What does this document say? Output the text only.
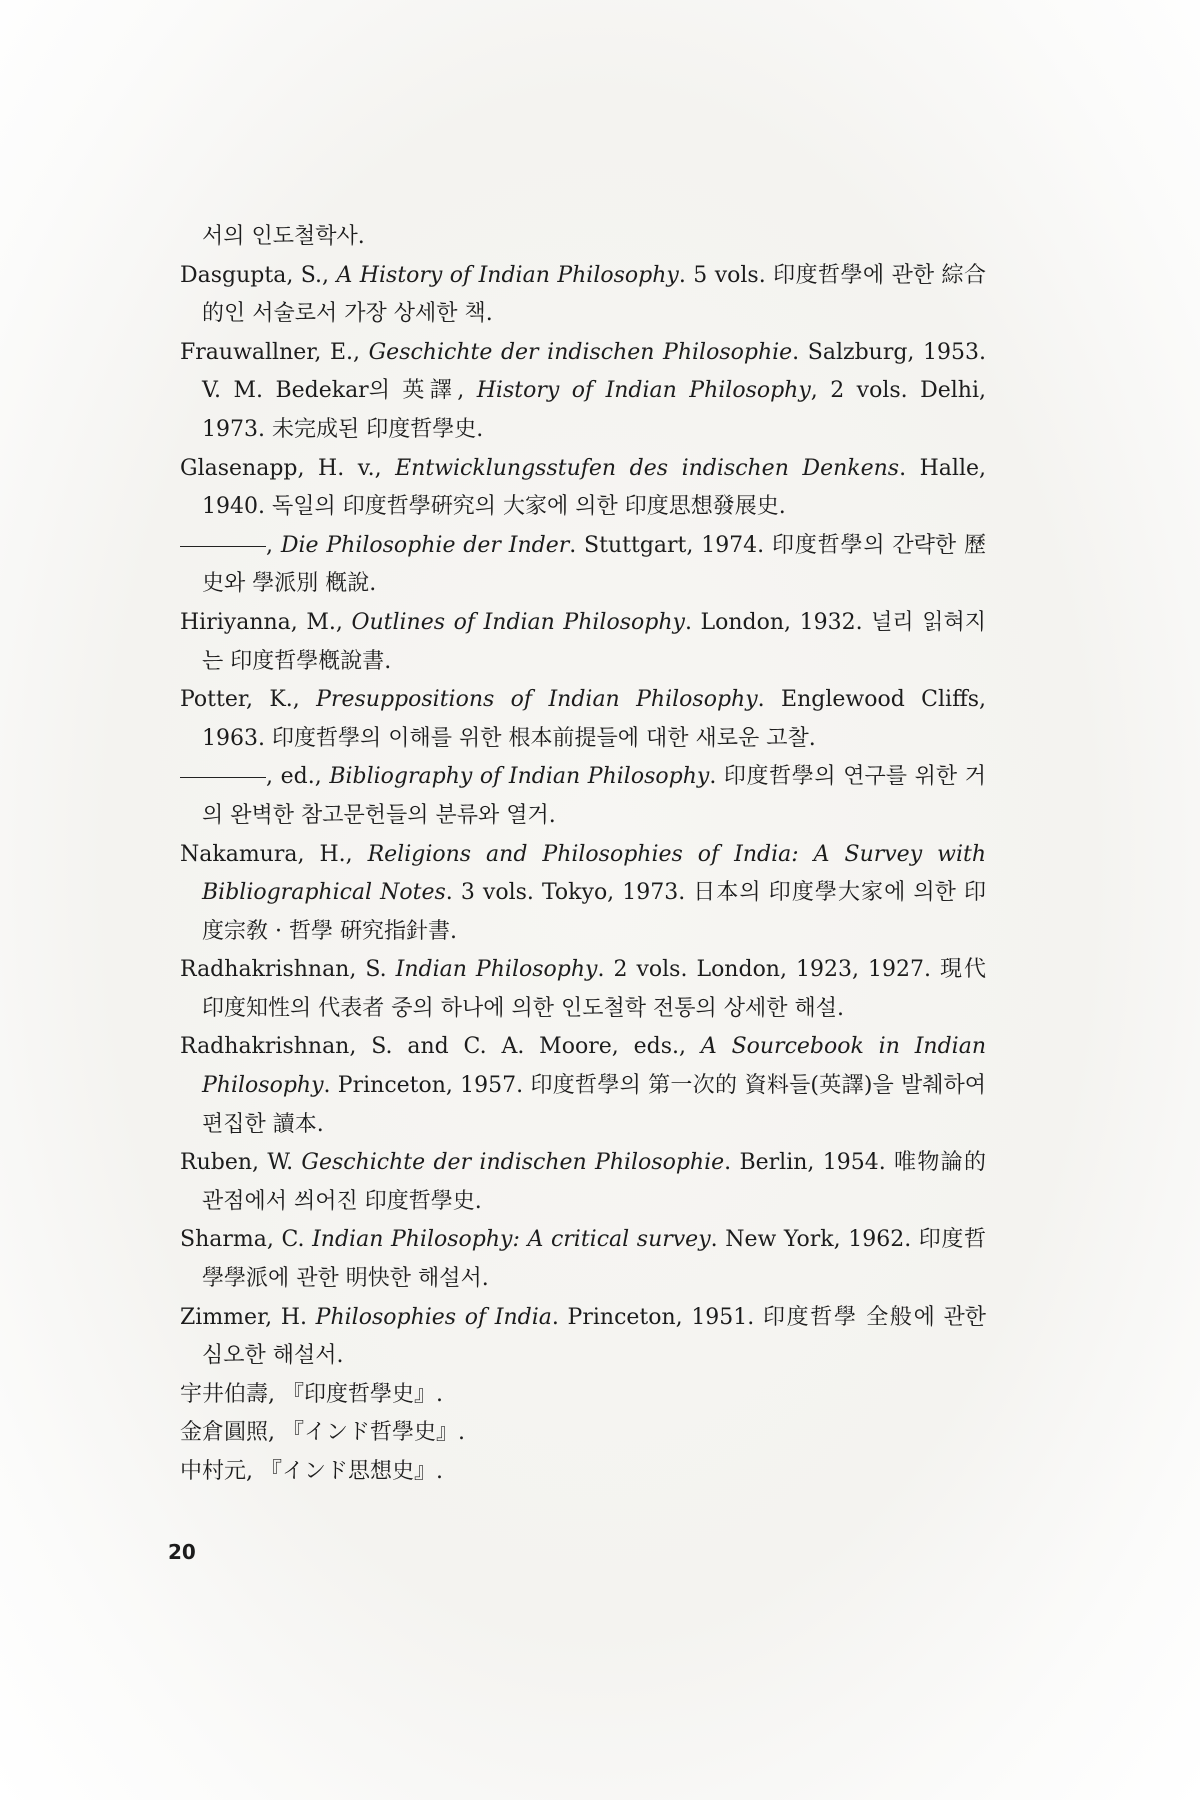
서의 인도철학사.
Dasgupta, S., A History of Indian Philosophy. 5 vols. 印度哲學에 관한 綜合的인 서술로서 가장 상세한 책.
Frauwallner, E., Geschichte der indischen Philosophie. Salzburg, 1953. V. M. Bedekar의 英譯, History of Indian Philosophy, 2 vols. Delhi, 1973. 未完成된 印度哲學史.
Glasenapp, H. v., Entwicklungsstufen des indischen Denkens. Halle, 1940. 독일의 印度哲學硏究의 大家에 의한 印度思想發展史.
, Die Philosophie der Inder. Stuttgart, 1974. 印度哲學의 간략한 歷史와 學派別 槪說.
Hiriyanna, M., Outlines of Indian Philosophy. London, 1932. 널리 읽혀지는 印度哲學槪說書.
Potter, K., Presuppositions of Indian Philosophy. Englewood Cliffs, 1963. 印度哲學의 이해를 위한 根本前提들에 대한 새로운 고찰.
, ed., Bibliography of Indian Philosophy. 印度哲學의 연구를 위한 거의 완벽한 참고문헌들의 분류와 열거.
Nakamura, H., Religions and Philosophies of India: A Survey with Bibliographical Notes. 3 vols. Tokyo, 1973. 日本의 印度學大家에 의한 印度宗敎 · 哲學 硏究指針書.
Radhakrishnan, S. Indian Philosophy. 2 vols. London, 1923, 1927. 現代 印度知性의 代表者 중의 하나에 의한 인도철학 전통의 상세한 해설.
Radhakrishnan, S. and C. A. Moore, eds., A Sourcebook in Indian Philosophy. Princeton, 1957. 印度哲學의 第一次的 資料들(英譯)을 발췌하여 편집한 讀本.
Ruben, W. Geschichte der indischen Philosophie. Berlin, 1954. 唯物論的 관점에서 씌어진 印度哲學史.
Sharma, C. Indian Philosophy: A critical survey. New York, 1962. 印度哲學學派에 관한 明快한 해설서.
Zimmer, H. Philosophies of India. Princeton, 1951. 印度哲學 全般에 관한 심오한 해설서.
宇井伯壽, 『印度哲學史』.
金倉圓照, 『インド哲學史』.
中村元, 『インド思想史』.
20
